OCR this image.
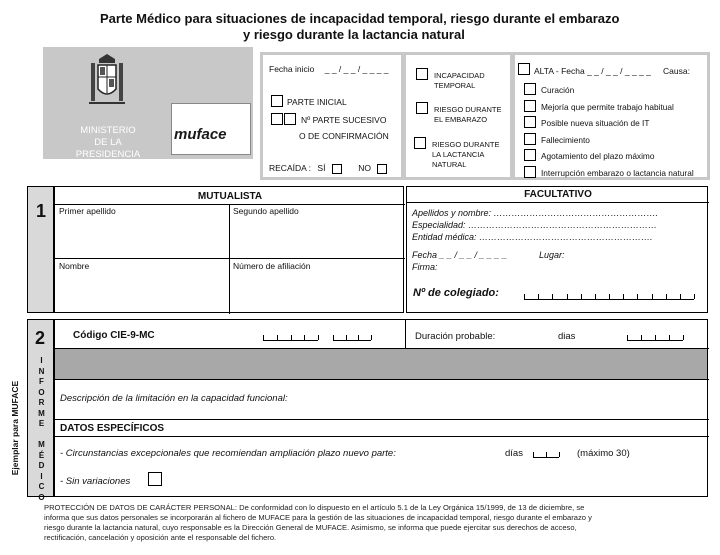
Parte Médico para situaciones de incapacidad temporal, riesgo durante el embarazo
y riesgo durante la lactancia natural
MINISTERIO
DE LA PRESIDENCIA
muface
Fecha inicio _ _ / _ _ / _ _ _ _
PARTE INICIAL
Nº PARTE SUCESIVO
O DE CONFIRMACIÓN
RECAÍDA : SÍ	NO
INCAPACIDAD
TEMPORAL
RIESGO DURANTE
EL EMBARAZO
RIESGO DURANTE
LA LACTANCIA
NATURAL
ALTA - Fecha _ _ / _ _ / _ _ _ _ Causa:
Curación
Mejoría que permite trabajo habitual
Posible nueva situación de IT
Fallecimiento
Agotamiento del plazo máximo
Interrupción embarazo o lactancia natural
1
MUTUALISTA
Primer apellido	Segundo apellido
Nombre	Número de afiliación
FACULTATIVO
Apellidos y nombre: ……………………………………………….
Especialidad: ………………………………………………………
Entidad médica: ………………………………………………….
Fecha _ _ / _ _ / _ _ _ _	Lugar:
Firma:
Nº de colegiado:
2
I
N
F
O
R
M
E

M
É
D
I
C
O
Código CIE-9-MC	Duración probable:	dias
Descripción de la limitación en la capacidad funcional:
DATOS ESPECÍFICOS
- Circunstancias excepcionales que recomiendan ampliación plazo nuevo parte:	días	(máximo 30)
- Sin variaciones
Ejemplar para MUFACE
PROTECCIÓN DE DATOS DE CARÁCTER PERSONAL: De conformidad con lo dispuesto en el artículo 5.1 de la Ley Orgánica 15/1999, de 13 de diciembre, se
informa que sus datos personales se incorporarán al fichero de MUFACE para la gestión de las situaciones de incapacidad temporal, riesgo durante el embarazo y
riesgo durante la lactancia natural, cuyo responsable es la Dirección General de MUFACE. Asimismo, se informa que puede ejercitar sus derechos de acceso,
rectificación, cancelación y oposición ante el responsable del fichero.
